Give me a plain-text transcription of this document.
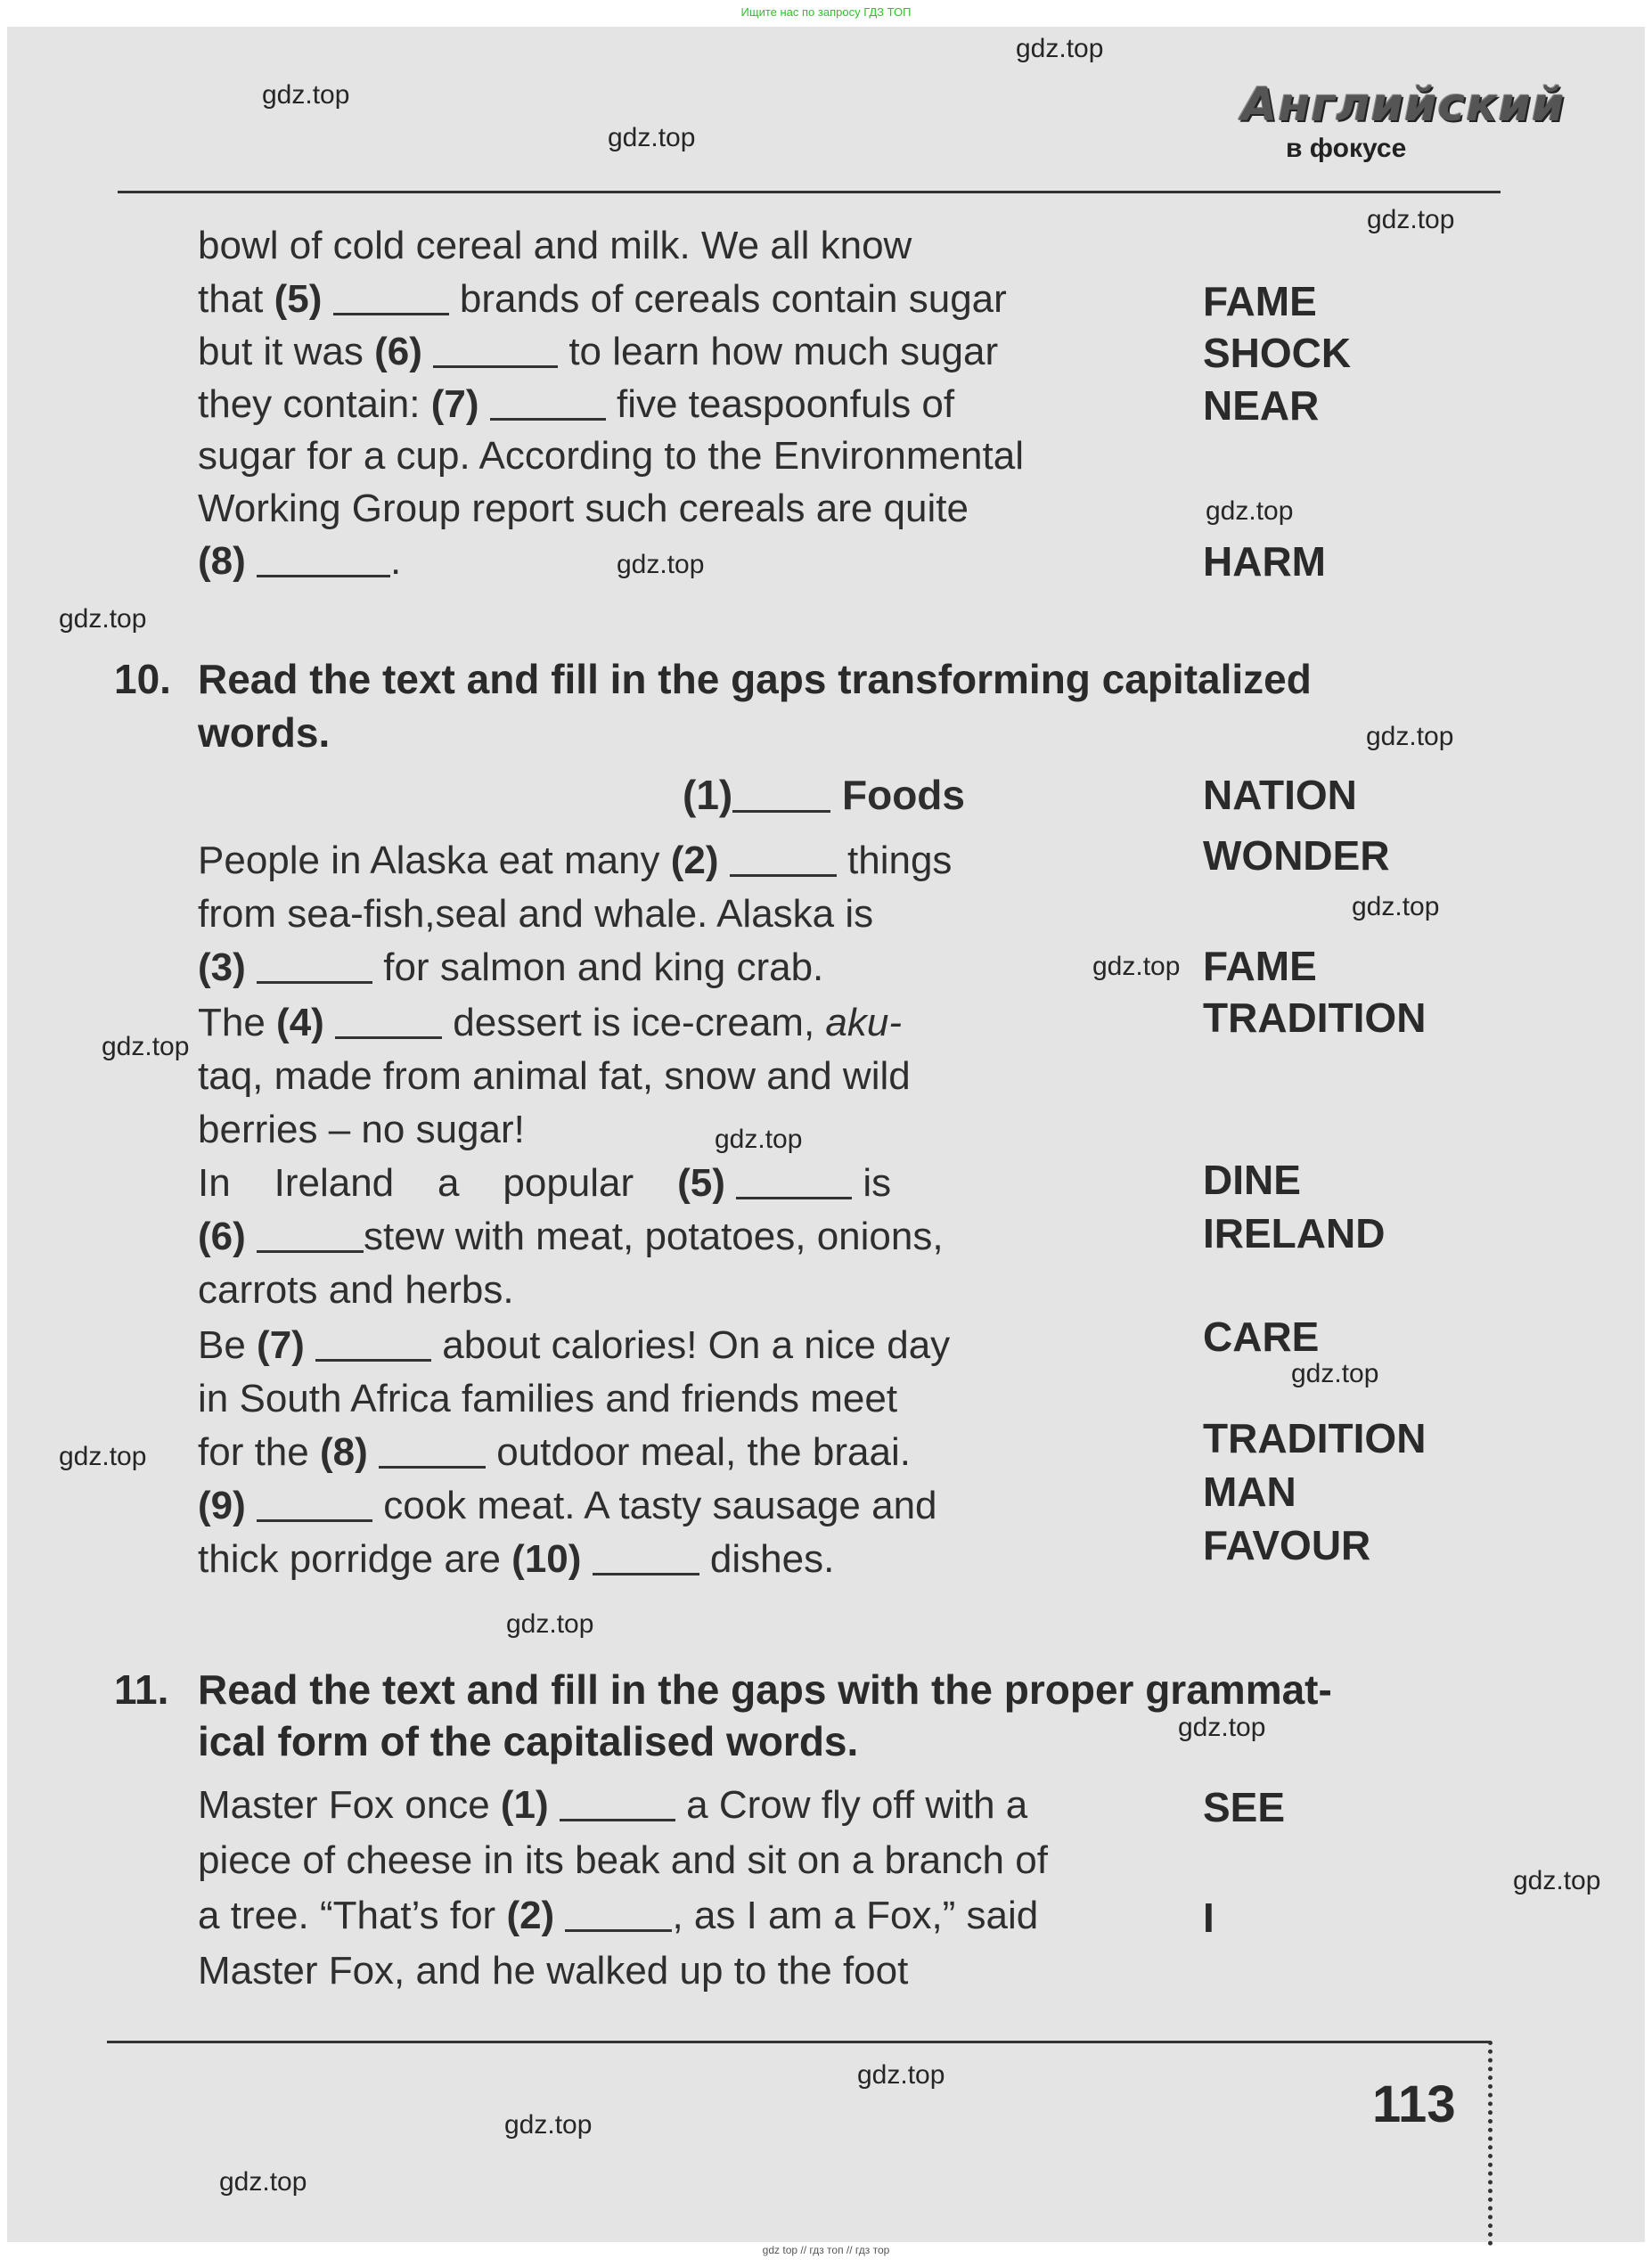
Ищите нас по запросу ГДЗ ТОП
Английский
в фокусе
bowl of cold cereal and milk. We all know
that (5)	brands of cereals contain sugar
but it was (6)	to learn how much sugar
they contain: (7)	five teaspoonfuls of
sugar for a cup. According to the Environmental
Working Group report such cereals are quite
(8)	.
FAME
SHOCK
NEAR
HARM
10. Read the text and fill in the gaps transforming capitalized
words.
(1)	Foods
People in Alaska eat many (2)	things
from sea-fish,seal and whale. Alaska is
(3)	for salmon and king crab.
The (4)	dessert is ice-cream, aku-
taq, made from animal fat, snow and wild
berries – no sugar!
In    Ireland    a    popular    (5)	is
(6)	stew with meat, potatoes, onions,
carrots and herbs.
Be (7)	about calories! On a nice day
in South Africa families and friends meet
for the (8)	outdoor meal, the braai.
(9)	cook meat. A tasty sausage and
thick porridge are (10)	dishes.
NATION
WONDER
FAME
TRADITION
DINE
IRELAND
CARE
TRADITION
MAN
FAVOUR
11. Read the text and fill in the gaps with the proper grammat-
ical form of the capitalised words.
Master Fox once (1)	a Crow fly off with a
piece of cheese in its beak and sit on a branch of
a tree. “That’s for (2)	, as I am a Fox,” said
Master Fox, and he walked up to the foot
SEE
I
113
gdz.top
gdz.top
gdz.top
gdz.top
gdz.top
gdz.top
gdz.top
gdz.top
gdz.top
gdz.top
gdz.top
gdz.top
gdz.top
gdz.top
gdz.top
gdz.top
gdz.top
gdz.top
gdz.top
gdz.top
gdz top // гдз топ // гдз тор
